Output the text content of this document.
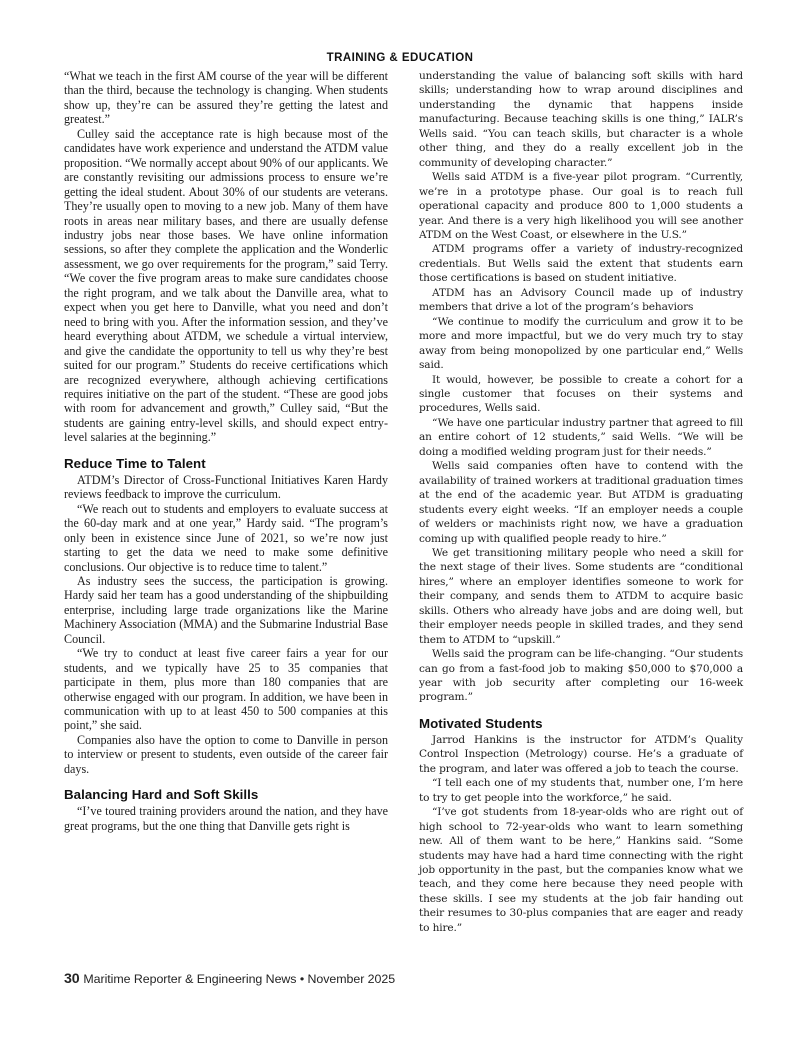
TRAINING & EDUCATION

“What we teach in the first AM course of the year will be different than the third, because the technology is changing. When students show up, they’re can be assured they’re getting the latest and greatest.”

Culley said the acceptance rate is high because most of the candidates have work experience and understand the ATDM value proposition. “We normally accept about 90% of our applicants. We are constantly revisiting our admissions process to ensure we’re getting the ideal student. About 30% of our students are veterans. They’re usually open to moving to a new job. Many of them have roots in areas near military bases, and there are usually defense industry jobs near those bases. We have online information sessions, so after they complete the application and the Wonderlic assessment, we go over requirements for the program,” said Terry. “We cover the five program areas to make sure candidates choose the right program, and we talk about the Danville area, what to expect when you get here to Danville, what you need and don’t need to bring with you. After the information session, and they’ve heard everything about ATDM, we schedule a virtual interview, and give the candidate the opportunity to tell us why they’re best suited for our program.” Students do receive certifications which are recognized everywhere, although achieving certifications requires initiative on the part of the student. “These are good jobs with room for advancement and growth,” Culley said, “But the students are gaining entry-level skills, and should expect entry-level salaries at the beginning.”

Reduce Time to Talent

ATDM’s Director of Cross-Functional Initiatives Karen Hardy reviews feedback to improve the curriculum.

“We reach out to students and employers to evaluate success at the 60-day mark and at one year,” Hardy said. “The program’s only been in existence since June of 2021, so we’re now just starting to get the data we need to make some definitive conclusions. Our objective is to reduce time to talent.”

As industry sees the success, the participation is growing. Hardy said her team has a good understanding of the shipbuilding enterprise, including large trade organizations like the Marine Machinery Association (MMA) and the Submarine Industrial Base Council.

“We try to conduct at least five career fairs a year for our students, and we typically have 25 to 35 companies that participate in them, plus more than 180 companies that are otherwise engaged with our program. In addition, we have been in communication with up to at least 450 to 500 companies at this point,” she said.

Companies also have the option to come to Danville in person to interview or present to students, even outside of the career fair days.

Balancing Hard and Soft Skills

“I’ve toured training providers around the nation, and they have great programs, but the one thing that Danville gets right is

understanding the value of balancing soft skills with hard skills; understanding how to wrap around disciplines and understanding the dynamic that happens inside manufacturing. Because teaching skills is one thing,” IALR’s Wells said. “You can teach skills, but character is a whole other thing, and they do a really excellent job in the community of developing character.”

Wells said ATDM is a five-year pilot program. “Currently, we’re in a prototype phase. Our goal is to reach full operational capacity and produce 800 to 1,000 students a year. And there is a very high likelihood you will see another ATDM on the West Coast, or elsewhere in the U.S.”

ATDM programs offer a variety of industry-recognized credentials. But Wells said the extent that students earn those certifications is based on student initiative.

ATDM has an Advisory Council made up of industry members that drive a lot of the program’s behaviors

“We continue to modify the curriculum and grow it to be more and more impactful, but we do very much try to stay away from being monopolized by one particular end,” Wells said.

It would, however, be possible to create a cohort for a single customer that focuses on their systems and procedures, Wells said.

“We have one particular industry partner that agreed to fill an entire cohort of 12 students,” said Wells. “We will be doing a modified welding program just for their needs.”

Wells said companies often have to contend with the availability of trained workers at traditional graduation times at the end of the academic year. But ATDM is graduating students every eight weeks. “If an employer needs a couple of welders or machinists right now, we have a graduation coming up with qualified people ready to hire.”

We get transitioning military people who need a skill for the next stage of their lives. Some students are “conditional hires,” where an employer identifies someone to work for their company, and sends them to ATDM to acquire basic skills. Others who already have jobs and are doing well, but their employer needs people in skilled trades, and they send them to ATDM to “upskill.”

Wells said the program can be life-changing. “Our students can go from a fast-food job to making $50,000 to $70,000 a year with job security after completing our 16-week program.”

Motivated Students

Jarrod Hankins is the instructor for ATDM’s Quality Control Inspection (Metrology) course. He’s a graduate of the program, and later was offered a job to teach the course.

“I tell each one of my students that, number one, I’m here to try to get people into the workforce,” he said.

“I’ve got students from 18-year-olds who are right out of high school to 72-year-olds who want to learn something new. All of them want to be here,” Hankins said. “Some students may have had a hard time connecting with the right job opportunity in the past, but the companies know what we teach, and they come here because they need people with these skills. I see my students at the job fair handing out their resumes to 30-plus companies that are eager and ready to hire.”

30 Maritime Reporter & Engineering News • November 2025
